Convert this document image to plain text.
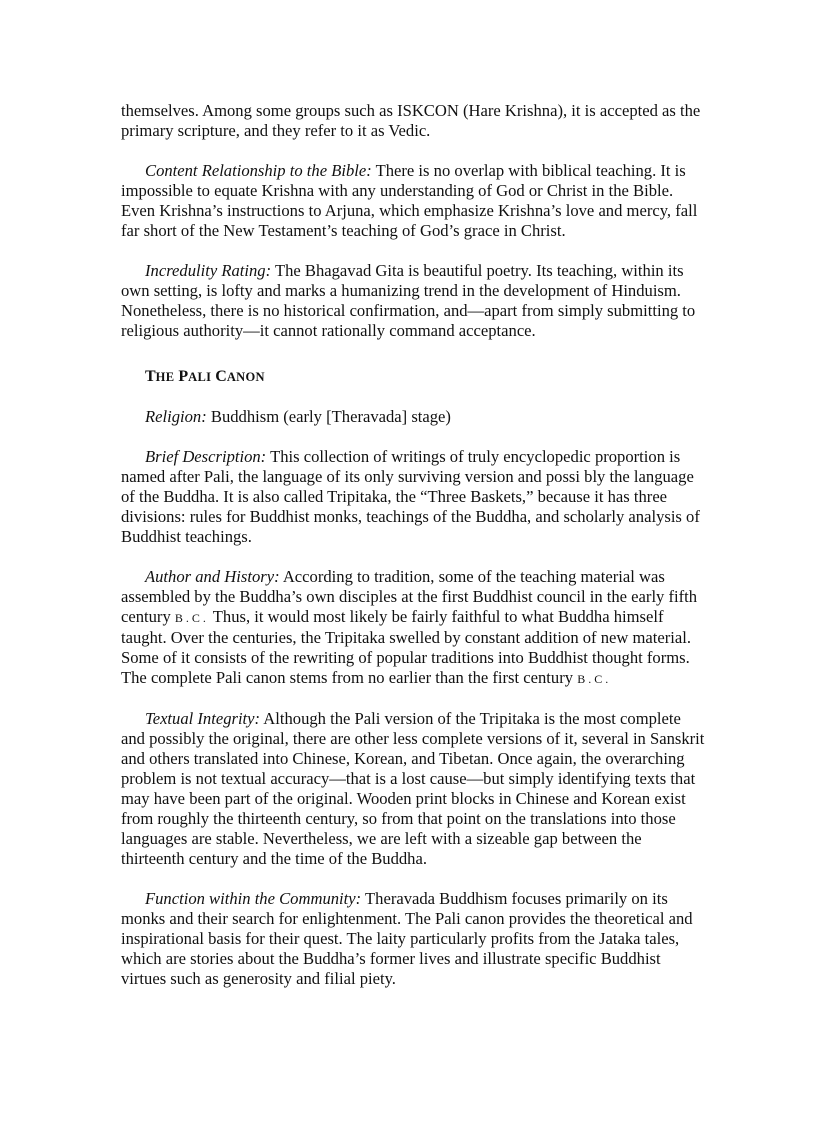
themselves. Among some groups such as ISKCON (Hare Krishna), it is accepted as the primary scripture, and they refer to it as Vedic.

Content Relationship to the Bible: There is no overlap with biblical teaching. It is impossible to equate Krishna with any understanding of God or Christ in the Bible. Even Krishna’s instructions to Arjuna, which emphasize Krishna’s love and mercy, fall far short of the New Testament’s teaching of God’s grace in Christ.

Incredulity Rating: The Bhagavad Gita is beautiful poetry. Its teaching, within its own setting, is lofty and marks a humanizing trend in the development of Hinduism. Nonetheless, there is no historical confirmation, and—apart from simply submitting to religious authority—it cannot rationally command acceptance.

THE PALI CANON

Religion: Buddhism (early [Theravada] stage)

Brief Description: This collection of writings of truly encyclopedic proportion is named after Pali, the language of its only surviving version and possi bly the language of the Buddha. It is also called Tripitaka, the “Three Baskets,” because it has three divisions: rules for Buddhist monks, teachings of the Buddha, and scholarly analysis of Buddhist teachings.

Author and History: According to tradition, some of the teaching material was assembled by the Buddha’s own disciples at the first Buddhist council in the early fifth century B.C. Thus, it would most likely be fairly faithful to what Buddha himself taught. Over the centuries, the Tripitaka swelled by constant addition of new material. Some of it consists of the rewriting of popular traditions into Buddhist thought forms. The complete Pali canon stems from no earlier than the first century B.C.

Textual Integrity: Although the Pali version of the Tripitaka is the most complete and possibly the original, there are other less complete versions of it, several in Sanskrit and others translated into Chinese, Korean, and Tibetan. Once again, the overarching problem is not textual accuracy—that is a lost cause—but simply identifying texts that may have been part of the original. Wooden print blocks in Chinese and Korean exist from roughly the thirteenth century, so from that point on the translations into those languages are stable. Nevertheless, we are left with a sizeable gap between the thirteenth century and the time of the Buddha.

Function within the Community: Theravada Buddhism focuses primarily on its monks and their search for enlightenment. The Pali canon provides the theoretical and inspirational basis for their quest. The laity particularly profits from the Jataka tales, which are stories about the Buddha’s former lives and illustrate specific Buddhist virtues such as generosity and filial piety.
